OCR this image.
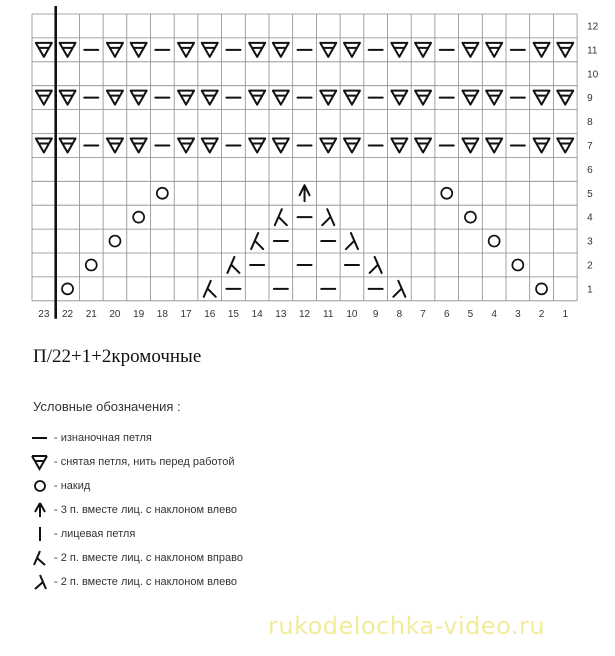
1
2
3
4
5
6
7
8
9
10
11
12
23 22 21 20 19 18 17 16 15 14 13 12 11 10 9 8 7 6 5 4 3 2 1
П/22+1+2кромочные
Условные обозначения :
- изнаночная петля
- снятая петля, нить перед работой
- накид
- 3 п. вместе лиц. с наклоном влево
- лицевая петля
- 2 п. вместе лиц. с наклоном вправо
- 2 п. вместе лиц. с наклоном влево
rukodelochka-video.ru
